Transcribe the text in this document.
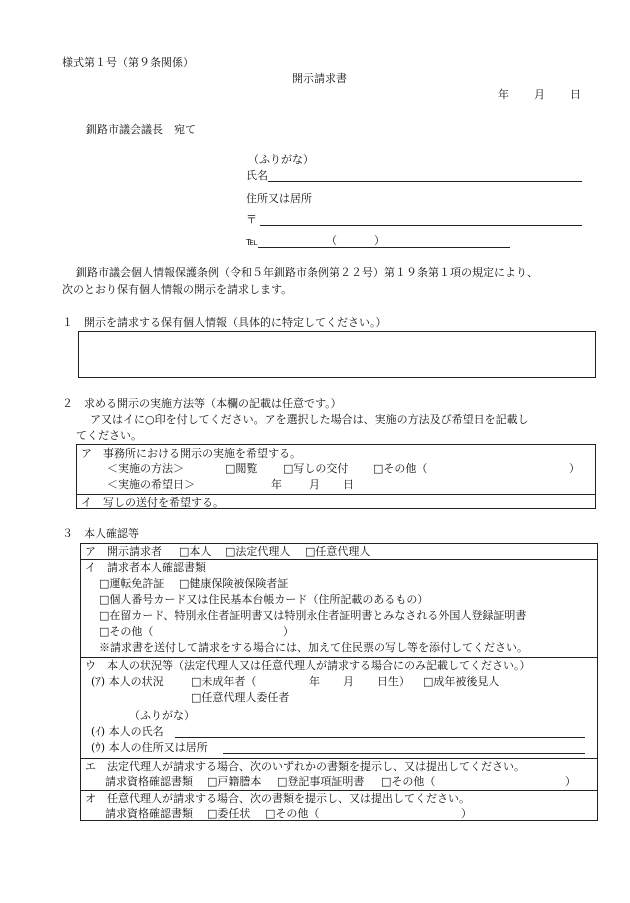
様式第１号（第９条関係）
開示請求書
年 月 日
釧路市議会議長　宛て
（ふりがな）
氏名
住所又は居所
〒
℡	（	）
釧路市議会個人情報保護条例（令和５年釧路市条例第２２号）第１９条第１項の規定により、
次のとおり保有個人情報の開示を請求します。
１　開示を請求する保有個人情報（具体的に特定してください。）
２　求める開示の実施方法等（本欄の記載は任意です。）
ア又はイに○印を付してください。アを選択した場合は、実施の方法及び希望日を記載し
てください。
ア　事務所における開示の実施を希望する。
＜実施の方法＞	□閲覧 □写しの交付 □その他（	）
＜実施の希望日＞	年 月 日
イ　写しの送付を希望する。
３　本人確認等
ア　開示請求者 □本人 □法定代理人 □任意代理人
イ　請求者本人確認書類
□運転免許証 □健康保険被保険者証
□個人番号カード又は住民基本台帳カード（住所記載のあるもの）
□在留カード、特別永住者証明書又は特別永住者証明書とみなされる外国人登録証明書
□その他（	）
※請求書を送付して請求をする場合には、加えて住民票の写し等を添付してください。
ウ　本人の状況等（法定代理人又は任意代理人が請求する場合にのみ記載してください。）
(ｱ) 本人の状況 □未成年者（	年 月 日生） □成年被後見人
□任意代理人委任者
（ふりがな）
(ｲ) 本人の氏名
(ｳ) 本人の住所又は居所
エ　法定代理人が請求する場合、次のいずれかの書類を提示し、又は提出してください。
請求資格確認書類 □戸籍謄本 □登記事項証明書 □その他（	）
オ　任意代理人が請求する場合、次の書類を提示し、又は提出してください。
請求資格確認書類 □委任状 □その他（	）
